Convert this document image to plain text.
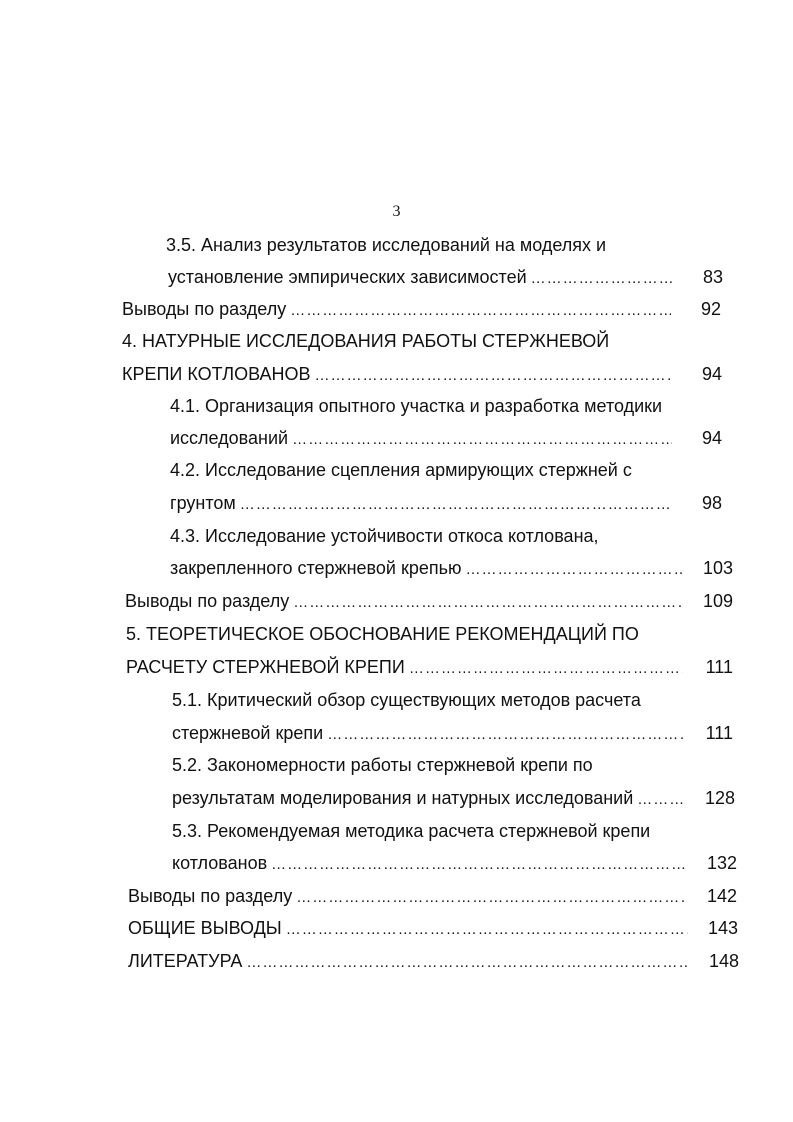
3
3.5. Анализ результатов исследований на моделях и
установление эмпирических зависимостей …………………………………………………………………………………………………………………………………………………………………………	83
Выводы по разделу …………………………………………………………………………………………………………………………………………………………………………	92
4. НАТУРНЫЕ ИССЛЕДОВАНИЯ РАБОТЫ СТЕРЖНЕВОЙ
КРЕПИ КОТЛОВАНОВ …………………………………………………………………………………………………………………………………………………………………………	94
4.1. Организация опытного участка и разработка методики
исследований …………………………………………………………………………………………………………………………………………………………………………	94
4.2. Исследование сцепления армирующих стержней с
грунтом …………………………………………………………………………………………………………………………………………………………………………	98
4.3. Исследование устойчивости откоса котлована,
закрепленного стержневой крепью …………………………………………………………………………………………………………………………………………………………………………	103
Выводы по разделу …………………………………………………………………………………………………………………………………………………………………………	109
5. ТЕОРЕТИЧЕСКОЕ ОБОСНОВАНИЕ РЕКОМЕНДАЦИЙ ПО
РАСЧЕТУ СТЕРЖНЕВОЙ КРЕПИ …………………………………………………………………………………………………………………………………………………………………………	111
5.1. Критический обзор существующих методов расчета
стержневой крепи …………………………………………………………………………………………………………………………………………………………………………	111
5.2. Закономерности работы стержневой крепи по
результатам моделирования и натурных исследований …………………………………………………………………………………………………………………………………………………………………………	128
5.3. Рекомендуемая методика расчета стержневой крепи
котлованов …………………………………………………………………………………………………………………………………………………………………………	132
Выводы по разделу …………………………………………………………………………………………………………………………………………………………………………	142
ОБЩИЕ ВЫВОДЫ …………………………………………………………………………………………………………………………………………………………………………	143
ЛИТЕРАТУРА …………………………………………………………………………………………………………………………………………………………………………	148
